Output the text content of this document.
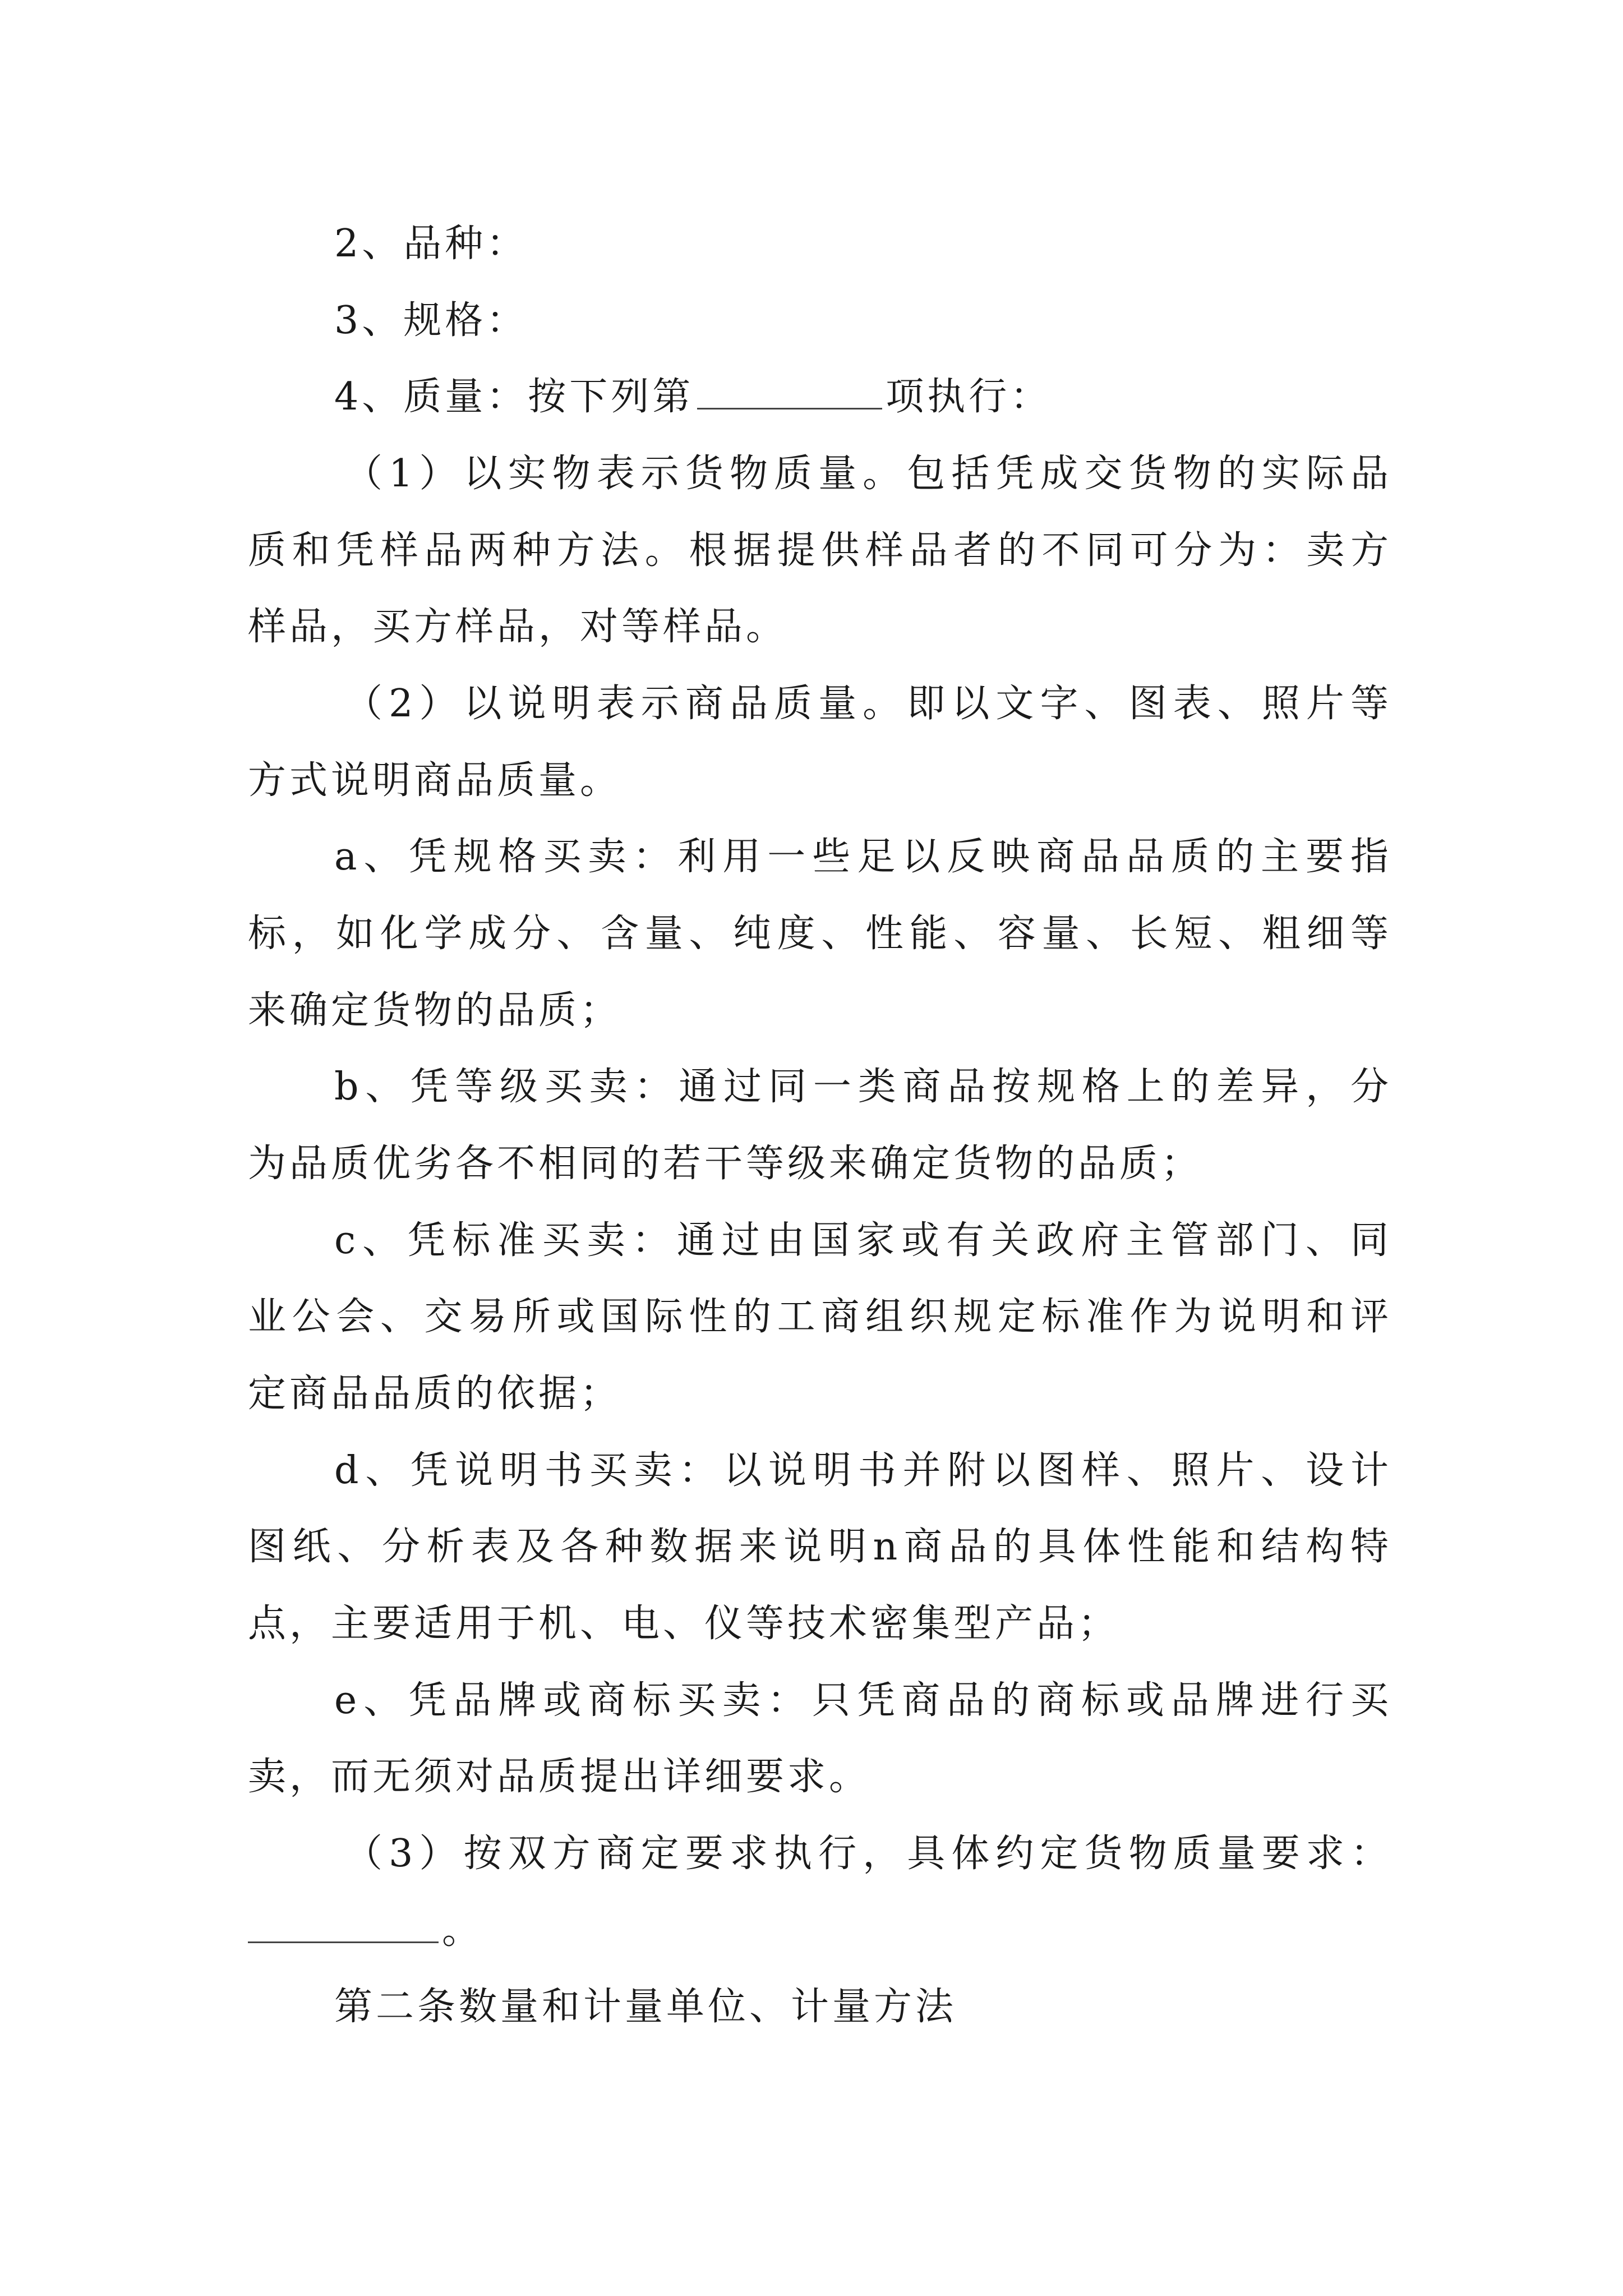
2、品种：
3、规格：
4、质量：按下列第	项执行：
（1）以实物表示货物质量。包括凭成交货物的实际品
质和凭样品两种方法。根据提供样品者的不同可分为：卖方
样品，买方样品，对等样品。
（2）以说明表示商品质量。即以文字、图表、照片等
方式说明商品质量。
a、凭规格买卖：利用一些足以反映商品品质的主要指
标，如化学成分、含量、纯度、性能、容量、长短、粗细等
来确定货物的品质；
b、凭等级买卖：通过同一类商品按规格上的差异，分
为品质优劣各不相同的若干等级来确定货物的品质；
c、凭标准买卖：通过由国家或有关政府主管部门、同
业公会、交易所或国际性的工商组织规定标准作为说明和评
定商品品质的依据；
d、凭说明书买卖：以说明书并附以图样、照片、设计
图纸、分析表及各种数据来说明n商品的具体性能和结构特
点，主要适用于机、电、仪等技术密集型产品；
e、凭品牌或商标买卖：只凭商品的商标或品牌进行买
卖，而无须对品质提出详细要求。
（3）按双方商定要求执行，具体约定货物质量要求：
。
第二条数量和计量单位、计量方法
